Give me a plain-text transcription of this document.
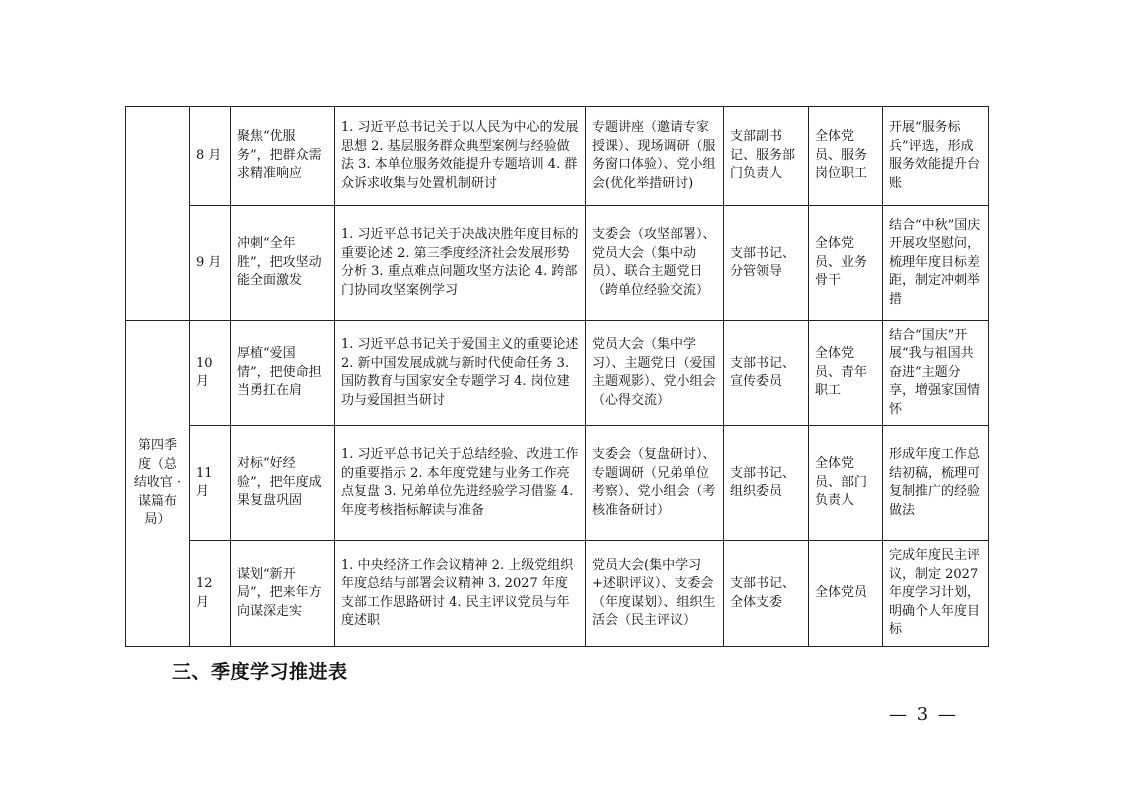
	8 月	聚焦“优服务”，把群众需求精准响应	1. 习近平总书记关于以人民为中心的发展思想 2. 基层服务群众典型案例与经验做法 3. 本单位服务效能提升专题培训 4. 群众诉求收集与处置机制研讨	专题讲座（邀请专家授课）、现场调研（服务窗口体验）、党小组会(优化举措研讨)	支部副书记、服务部门负责人	全体党员、服务岗位职工	开展“服务标兵”评选，形成服务效能提升台账
	9 月	冲刺“全年胜”，把攻坚动能全面激发	1. 习近平总书记关于决战决胜年度目标的重要论述 2. 第三季度经济社会发展形势分析 3. 重点难点问题攻坚方法论 4. 跨部门协同攻坚案例学习	支委会（攻坚部署）、党员大会（集中动员）、联合主题党日（跨单位经验交流）	支部书记、分管领导	全体党员、业务骨干	结合“中秋”国庆开展攻坚慰问，梳理年度目标差距，制定冲刺举措
第四季度（总结收官 ·谋篇布局）	10 月	厚植“爱国情”，把使命担当勇扛在肩	1. 习近平总书记关于爱国主义的重要论述 2. 新中国发展成就与新时代使命任务 3. 国防教育与国家安全专题学习 4. 岗位建功与爱国担当研讨	党员大会（集中学习）、主题党日（爱国主题观影）、党小组会（心得交流）	支部书记、宣传委员	全体党员、青年职工	结合“国庆”开展“我与祖国共奋进”主题分享，增强家国情怀
	11 月	对标“好经验”，把年度成果复盘巩固	1. 习近平总书记关于总结经验、改进工作的重要指示 2. 本年度党建与业务工作亮点复盘 3. 兄弟单位先进经验学习借鉴 4. 年度考核指标解读与准备	支委会（复盘研讨）、专题调研（兄弟单位考察）、党小组会（考核准备研讨）	支部书记、组织委员	全体党员、部门负责人	形成年度工作总结初稿，梳理可复制推广的经验做法
	12 月	谋划“新开局”，把来年方向谋深走实	1. 中央经济工作会议精神 2. 上级党组织年度总结与部署会议精神 3. 2027 年度支部工作思路研讨 4. 民主评议党员与年度述职	党员大会(集中学习+述职评议）、支委会（年度谋划）、组织生活会（民主评议）	支部书记、全体支委	全体党员	完成年度民主评议，制定 2027 年度学习计划，明确个人年度目标
三、季度学习推进表
— 3 —
